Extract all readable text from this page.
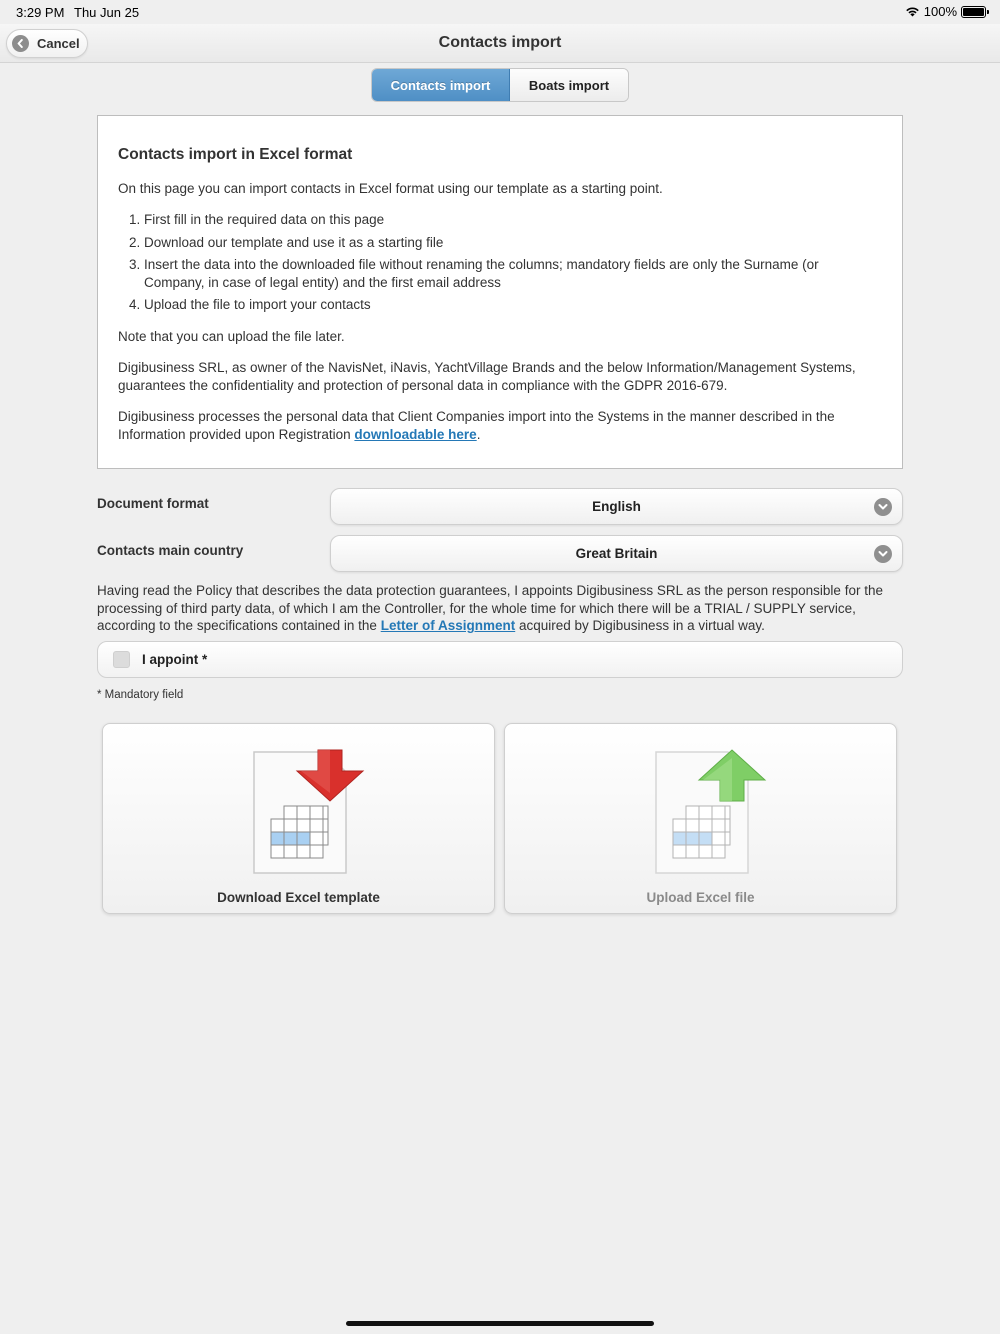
3:29 PM Thu Jun 25	100%
Cancel	Contacts import
Contacts import	Boats import
Contacts import in Excel format

On this page you can import contacts in Excel format using our template as a starting point.

1. First fill in the required data on this page
2. Download our template and use it as a starting file
3. Insert the data into the downloaded file without renaming the columns; mandatory fields are only the Surname (or Company, in case of legal entity) and the first email address
4. Upload the file to import your contacts

Note that you can upload the file later.

Digibusiness SRL, as owner of the NavisNet, iNavis, YachtVillage Brands and the below Information/Management Systems, guarantees the confidentiality and protection of personal data in compliance with the GDPR 2016-679.

Digibusiness processes the personal data that Client Companies import into the Systems in the manner described in the Information provided upon Registration downloadable here.

Document format	English
Contacts main country	Great Britain
Having read the Policy that describes the data protection guarantees, I appoints Digibusiness SRL as the person responsible for the processing of third party data, of which I am the Controller, for the whole time for which there will be a TRIAL / SUPPLY service, according to the specifications contained in the Letter of Assignment acquired by Digibusiness in a virtual way.
I appoint *
* Mandatory field
Download Excel template	Upload Excel file
